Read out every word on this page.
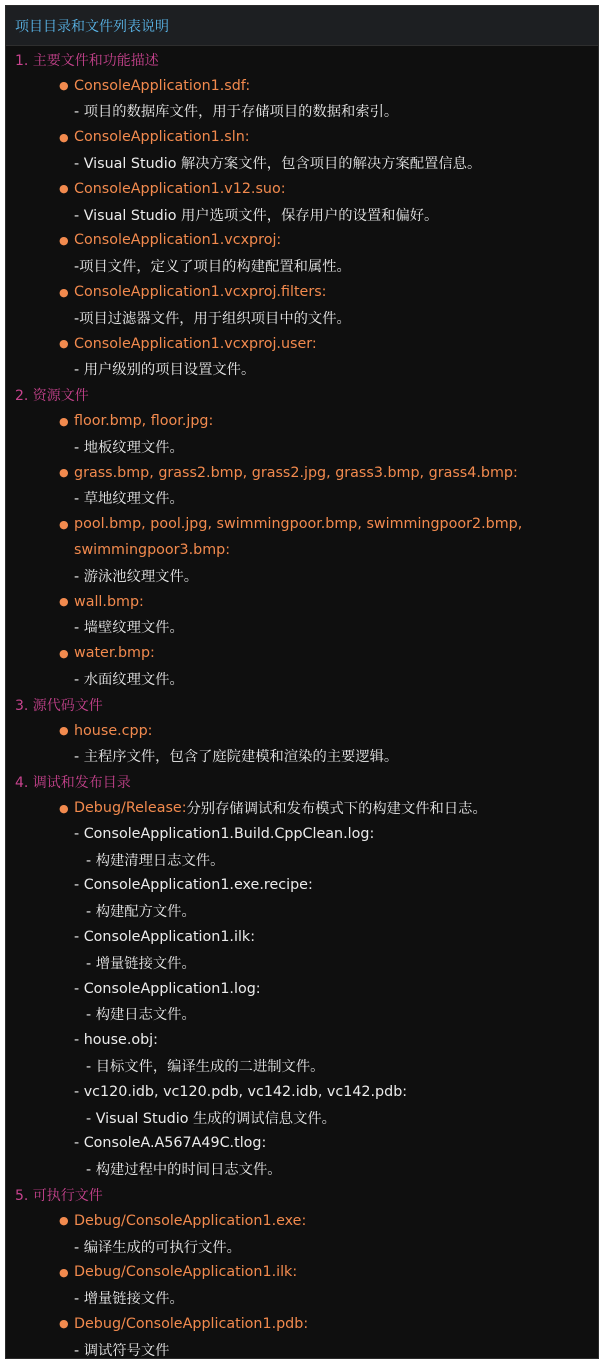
项目目录和文件列表说明
1. 主要文件和功能描述
● ConsoleApplication1.sdf:
- 项目的数据库文件，用于存储项目的数据和索引。
● ConsoleApplication1.sln:
- Visual Studio 解决方案文件，包含项目的解决方案配置信息。
● ConsoleApplication1.v12.suo:
- Visual Studio 用户选项文件，保存用户的设置和偏好。
● ConsoleApplication1.vcxproj:
-项目文件，定义了项目的构建配置和属性。
● ConsoleApplication1.vcxproj.filters:
-项目过滤器文件，用于组织项目中的文件。
● ConsoleApplication1.vcxproj.user:
- 用户级别的项目设置文件。
2. 资源文件
● floor.bmp, floor.jpg:
- 地板纹理文件。
● grass.bmp, grass2.bmp, grass2.jpg, grass3.bmp, grass4.bmp:
- 草地纹理文件。
● pool.bmp, pool.jpg, swimmingpoor.bmp, swimmingpoor2.bmp,
swimmingpoor3.bmp:
- 游泳池纹理文件。
● wall.bmp:
- 墙壁纹理文件。
● water.bmp:
- 水面纹理文件。
3. 源代码文件
● house.cpp:
- 主程序文件，包含了庭院建模和渲染的主要逻辑。
4. 调试和发布目录
● Debug/Release: 分别存储调试和发布模式下的构建文件和日志。
- ConsoleApplication1.Build.CppClean.log:
- 构建清理日志文件。
- ConsoleApplication1.exe.recipe:
- 构建配方文件。
- ConsoleApplication1.ilk:
- 增量链接文件。
- ConsoleApplication1.log:
- 构建日志文件。
- house.obj:
- 目标文件，编译生成的二进制文件。
- vc120.idb, vc120.pdb, vc142.idb, vc142.pdb:
- Visual Studio 生成的调试信息文件。
- ConsoleA.A567A49C.tlog:
- 构建过程中的时间日志文件。
5. 可执行文件
● Debug/ConsoleApplication1.exe:
- 编译生成的可执行文件。
● Debug/ConsoleApplication1.ilk:
- 增量链接文件。
● Debug/ConsoleApplication1.pdb:
- 调试符号文件
